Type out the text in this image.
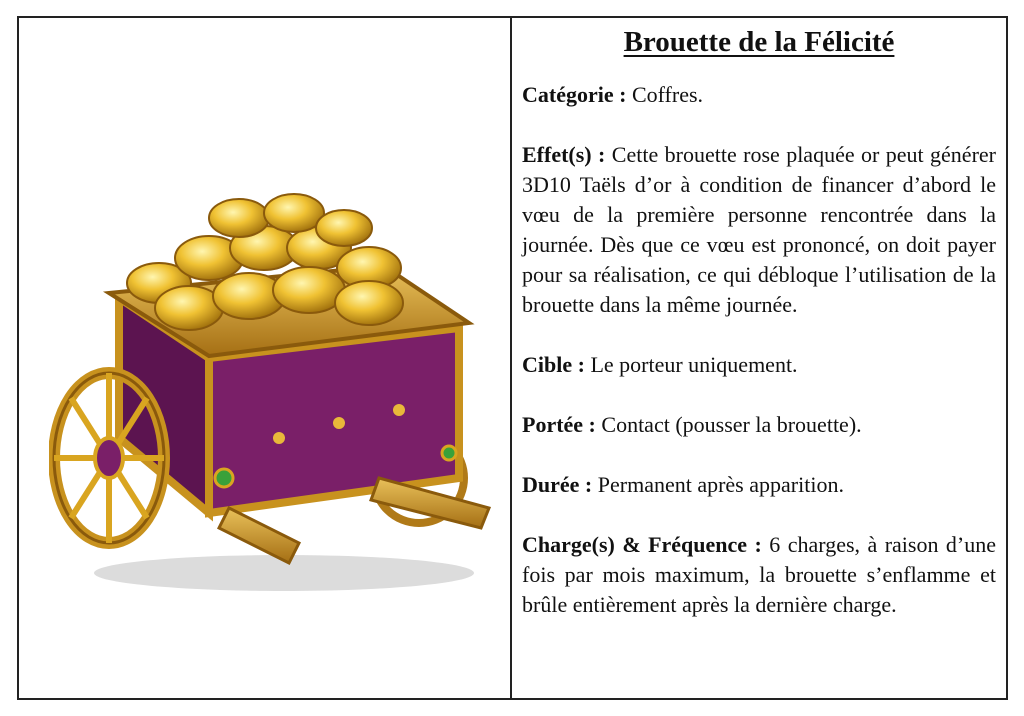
Brouette de la Félicité
Catégorie : Coffres.
Effet(s) : Cette brouette rose plaquée or peut générer 3D10 Taëls d’or à condition de financer d’abord le vœu de la première personne rencontrée dans la journée. Dès que ce vœu est prononcé, on doit payer pour sa réalisation, ce qui débloque l’utilisation de la brouette dans la même journée.
Cible : Le porteur uniquement.
Portée : Contact (pousser la brouette).
Durée : Permanent après apparition.
Charge(s) & Fréquence : 6 charges, à raison d’une fois par mois maximum, la brouette s’enflamme et brûle entièrement après la dernière charge.
